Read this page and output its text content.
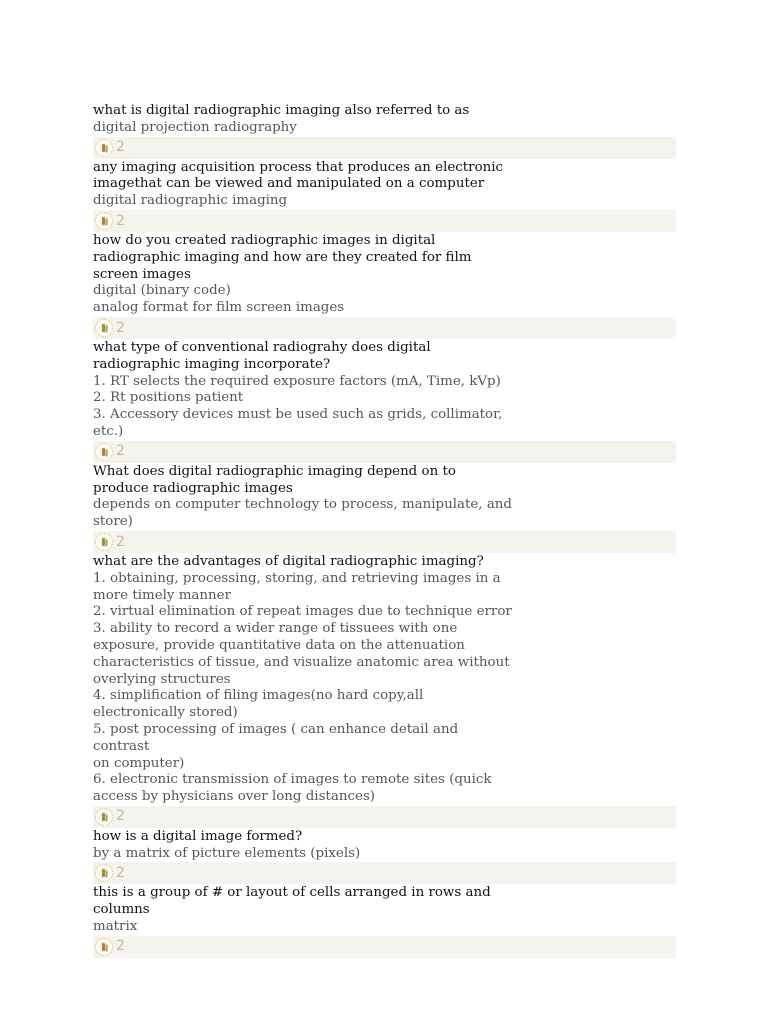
what is digital radiographic imaging also referred to as
digital projection radiography
2
any imaging acquisition process that produces an electronic
imagethat can be viewed and manipulated on a computer
digital radiographic imaging
2
how do you created radiographic images in digital
radiographic imaging and how are they created for film
screen images
digital (binary code)
analog format for film screen images
2
what type of conventional radiograhy does digital
radiographic imaging incorporate?
1. RT selects the required exposure factors (mA, Time, kVp)
2. Rt positions patient
3. Accessory devices must be used such as grids, collimator,
etc.)
2
What does digital radiographic imaging depend on to
produce radiographic images
depends on computer technology to process, manipulate, and
store)
2
what are the advantages of digital radiographic imaging?
1. obtaining, processing, storing, and retrieving images in a
more timely manner
2. virtual elimination of repeat images due to technique error
3. ability to record a wider range of tissuees with one
exposure, provide quantitative data on the attenuation
characteristics of tissue, and visualize anatomic area without
overlying structures
4. simplification of filing images(no hard copy,all
electronically stored)
5. post processing of images ( can enhance detail and contrast
on computer)
6. electronic transmission of images to remote sites (quick
access by physicians over long distances)
2
how is a digital image formed?
by a matrix of picture elements (pixels)
2
this is a group of # or layout of cells arranged in rows and
columns
matrix
2
